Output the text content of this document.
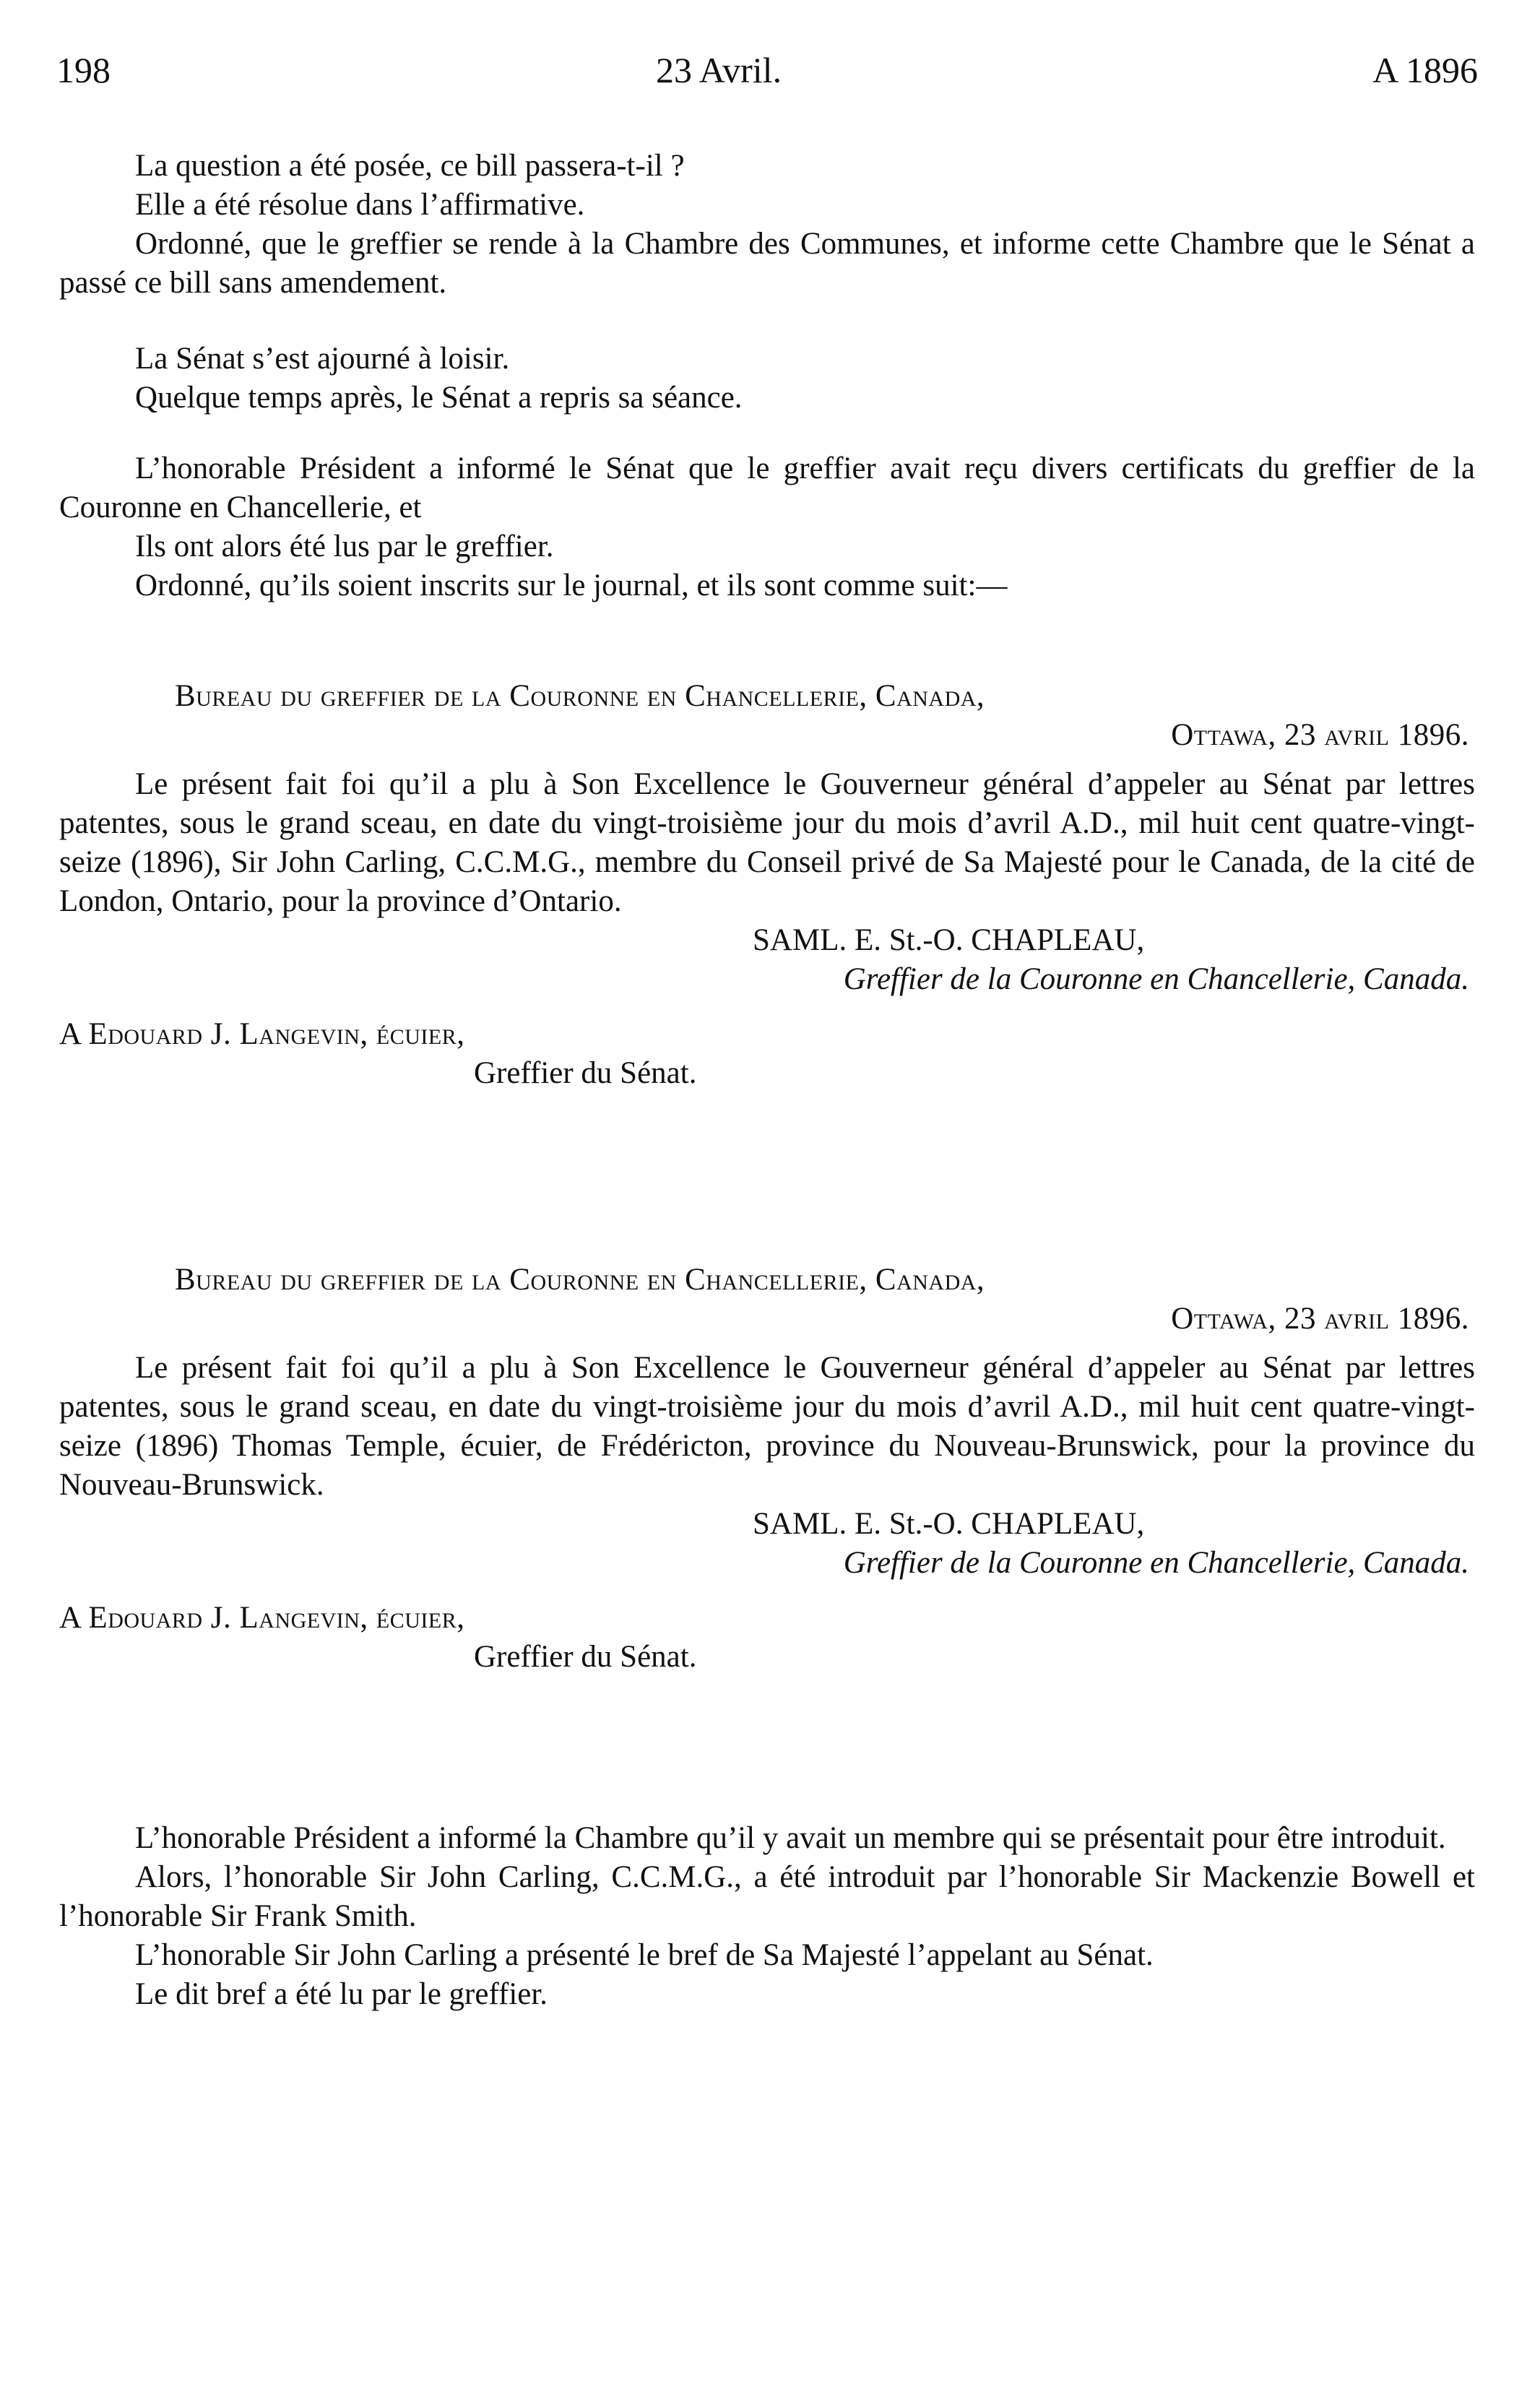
198	23 Avril.	A 1896

La question a été posée, ce bill passera-t-il ?

Elle a été résolue dans l’affirmative.

Ordonné, que le greffier se rende à la Chambre des Communes, et informe cette Chambre que le Sénat a passé ce bill sans amendement.

La Sénat s’est ajourné à loisir.

Quelque temps après, le Sénat a repris sa séance.

L’honorable Président a informé le Sénat que le greffier avait reçu divers certificats du greffier de la Couronne en Chancellerie, et

Ils ont alors été lus par le greffier.

Ordonné, qu’ils soient inscrits sur le journal, et ils sont comme suit:—

Bureau du greffier de la Couronne en Chancellerie, Canada,

Ottawa, 23 avril 1896.

Le présent fait foi qu’il a plu à Son Excellence le Gouverneur général d’appeler au Sénat par lettres patentes, sous le grand sceau, en date du vingt-troisième jour du mois d’avril A.D., mil huit cent quatre-vingt-seize (1896), Sir John Carling, C.C.M.G., membre du Conseil privé de Sa Majesté pour le Canada, de la cité de London, Ontario, pour la province d’Ontario.

SAML. E. St.-O. CHAPLEAU,

Greffier de la Couronne en Chancellerie, Canada.

A Edouard J. Langevin, écuier,

Greffier du Sénat.

Bureau du greffier de la Couronne en Chancellerie, Canada,

Ottawa, 23 avril 1896.

Le présent fait foi qu’il a plu à Son Excellence le Gouverneur général d’appeler au Sénat par lettres patentes, sous le grand sceau, en date du vingt-troisième jour du mois d’avril A.D., mil huit cent quatre-vingt-seize (1896) Thomas Temple, écuier, de Frédéricton, province du Nouveau-Brunswick, pour la province du Nouveau-Brunswick.

SAML. E. St.-O. CHAPLEAU,

Greffier de la Couronne en Chancellerie, Canada.

A Edouard J. Langevin, écuier,

Greffier du Sénat.

L’honorable Président a informé la Chambre qu’il y avait un membre qui se présentait pour être introduit.

Alors, l’honorable Sir John Carling, C.C.M.G., a été introduit par l’honorable Sir Mackenzie Bowell et l’honorable Sir Frank Smith.

L’honorable Sir John Carling a présenté le bref de Sa Majesté l’appelant au Sénat.

Le dit bref a été lu par le greffier.
